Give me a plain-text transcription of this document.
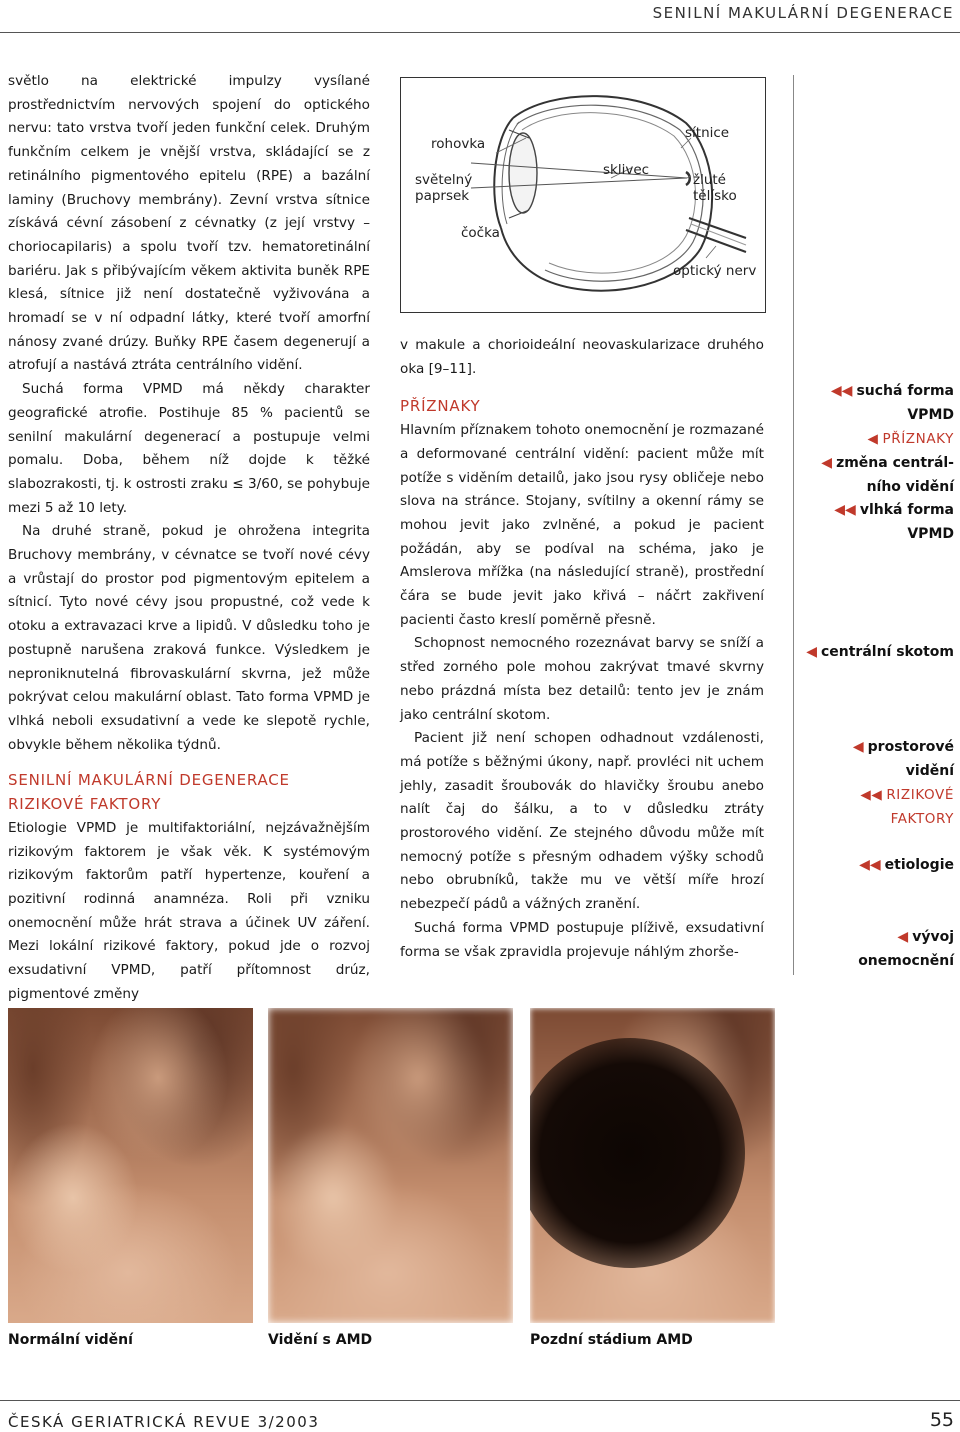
SENILNÍ MAKULÁRNÍ DEGENERACE

světlo na elektrické impulzy vysílané prostřednictvím nervových spojení do optického nervu: tato vrstva tvoří jeden funkční celek. Druhým funkčním celkem je vnější vrstva, skládající se z retinálního pigmentového epitelu (RPE) a bazální laminy (Bruchovy membrány). Zevní vrstva sítnice získává cévní zásobení z cévnatky (z její vrstvy – choriocapilaris) a spolu tvoří tzv. hematoretinální bariéru. Jak s přibývajícím věkem aktivita buněk RPE klesá, sítnice již není dostatečně vyživována a hromadí se v ní odpadní látky, které tvoří amorfní nánosy zvané drúzy. Buňky RPE časem degenerují a atrofují a nastává ztráta centrálního vidění.

Suchá forma VPMD má někdy charakter geografické atrofie. Postihuje 85 % pacientů se senilní makulární degenerací a postupuje velmi pomalu. Doba, během níž dojde k těžké slabozrakosti, tj. k ostrosti zraku ≤ 3/60, se pohybuje mezi 5 až 10 lety.

Na druhé straně, pokud je ohrožena integrita Bruchovy membrány, v cévnatce se tvoří nové cévy a vrůstají do prostor pod pigmentovým epitelem a sítnicí. Tyto nové cévy jsou propustné, což vede k otoku a extravazaci krve a lipidů. V důsledku toho je postupně narušena zraková funkce. Výsledkem je neproniknutelná fibrovaskulární skvrna, jež může pokrývat celou makulární oblast. Tato forma VPMD je vlhká neboli exsudativní a vede ke slepotě rychle, obvykle během několika týdnů.

SENILNÍ MAKULÁRNÍ DEGENERACE
RIZIKOVÉ FAKTORY

Etiologie VPMD je multifaktoriální, nejzávažnějším rizikovým faktorem je však věk. K systémovým rizikovým faktorům patří hypertenze, kouření a pozitivní rodinná anamnéza. Roli při vzniku onemocnění může hrát strava a účinek UV záření. Mezi lokální rizikové faktory, pokud jde o rozvoj exsudativní VPMD, patří přítomnost drúz, pigmentové změny

rohovka
světelný paprsek
čočka
sklivec
sítnice
žluté tělísko
optický nerv

v makule a chorioideální neovaskularizace druhého oka [9–11].

PŘÍZNAKY

Hlavním příznakem tohoto onemocnění je rozmazané a deformované centrální vidění: pacient může mít potíže s viděním detailů, jako jsou rysy obličeje nebo slova na stránce. Stojany, svítilny a okenní rámy se mohou jevit jako zvlněné, a pokud je pacient požádán, aby se podíval na schéma, jako je Amslerova mřížka (na následující straně), prostřední čára se bude jevit jako křivá – náčrt zakřivení pacienti často kreslí poměrně přesně.

Schopnost nemocného rozeznávat barvy se sníží a střed zorného pole mohou zakrývat tmavé skvrny nebo prázdná místa bez detailů: tento jev je znám jako centrální skotom.

Pacient již není schopen odhadnout vzdálenosti, má potíže s běžnými úkony, např. provléci nit uchem jehly, zasadit šroubovák do hlavičky šroubu anebo nalít čaj do šálku, a to v důsledku ztráty prostorového vidění. Ze stejného důvodu může mít nemocný potíže s přesným odhadem výšky schodů nebo obrubníků, takže mu ve větší míře hrozí nebezpečí pádů a vážných zranění.

Suchá forma VPMD postupuje plíživě, exsudativní forma se však zpravidla projevuje náhlým zhorše-

◀◀ suchá forma
VPMD
◀ PŘÍZNAKY
◀ změna centrál-
ního vidění
◀◀ vlhká forma
VPMD
◀ centrální skotom
◀ prostorové
vidění
◀◀ RIZIKOVÉ
FAKTORY
◀◀ etiologie
◀ vývoj
onemocnění
Normální vidění	Vidění s AMD	Pozdní stádium AMD
ČESKÁ GERIATRICKÁ REVUE 3/2003	55
